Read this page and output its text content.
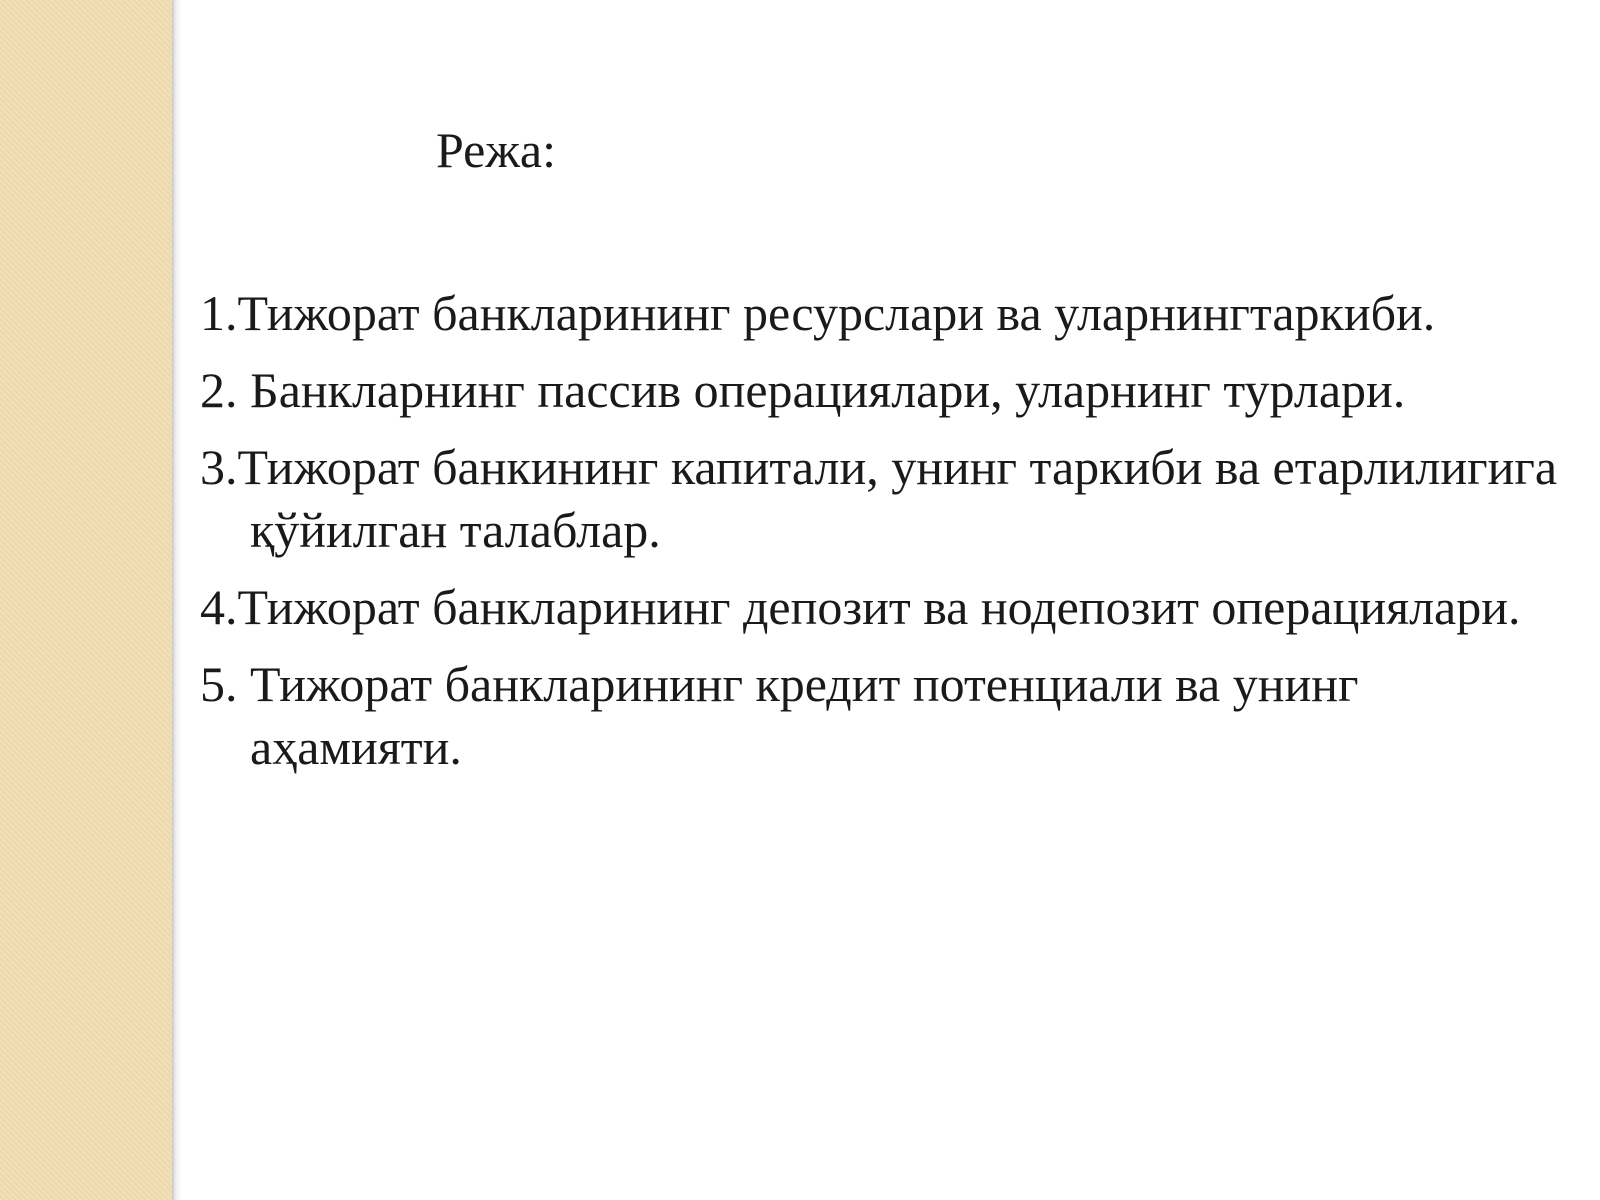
Режа:
1.Тижорат банкларининг ресурслари ва уларнингтаркиби.
2. Банкларнинг пассив операциялари, уларнинг турлари.
3.Тижорат банкининг капитали, унинг таркиби ва етарлилигига қўйилган талаблар.
4.Тижорат банкларининг депозит ва нодепозит операциялари.
5. Тижорат банкларининг кредит потенциали ва унинг аҳамияти.
